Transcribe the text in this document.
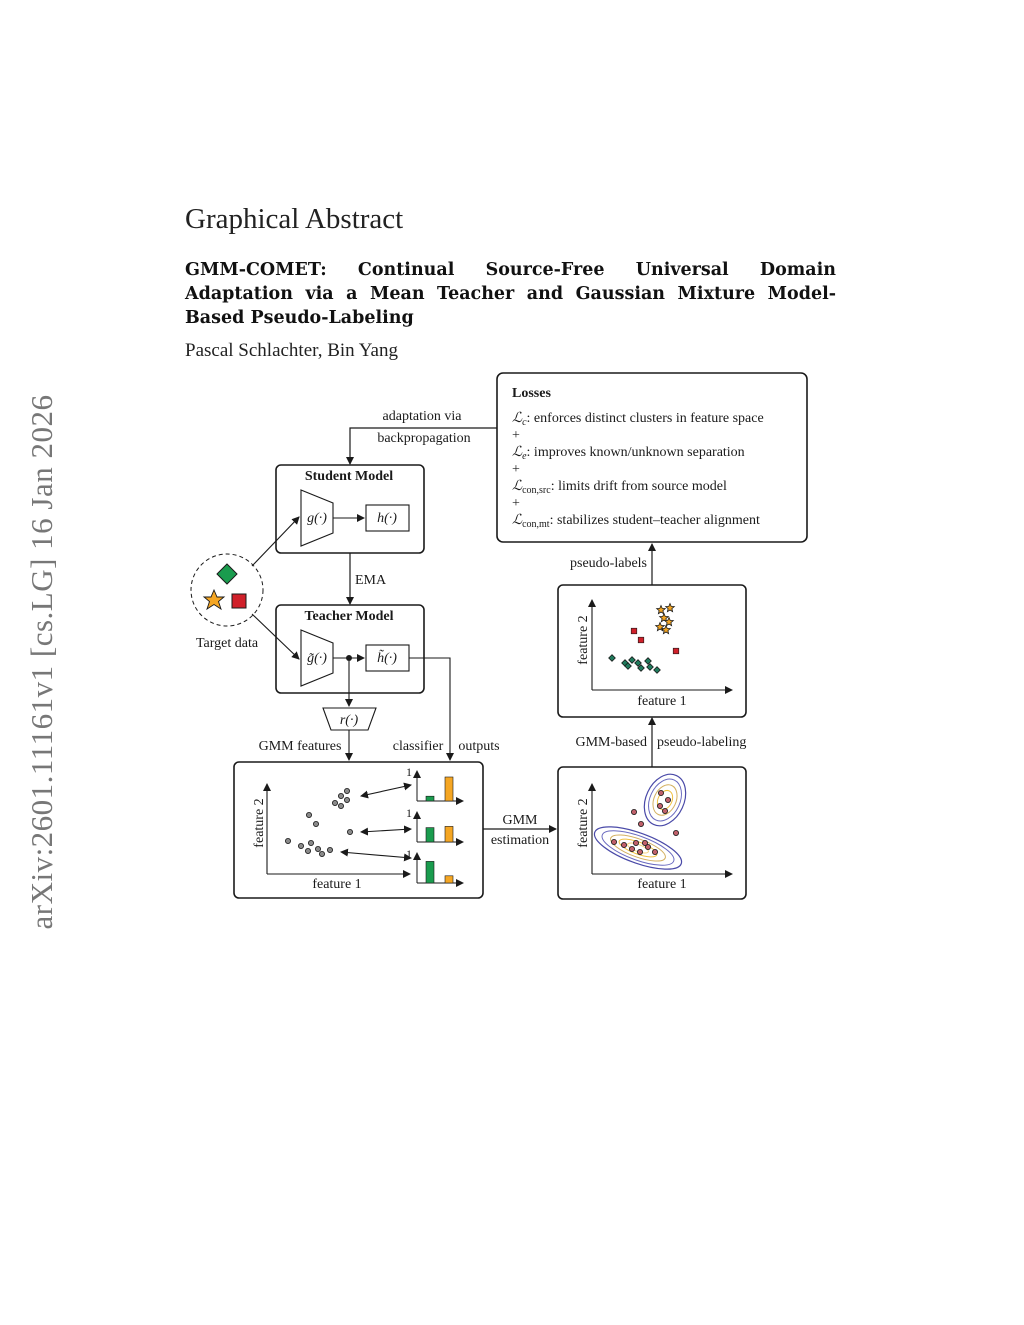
arXiv:2601.11161v1 [cs.LG] 16 Jan 2026
Graphical Abstract

GMM-COMET: Continual Source-Free Universal Domain Adaptation via a Mean Teacher and Gaussian Mixture Model-Based Pseudo-Labeling

Pascal Schlachter, Bin Yang
Losses
ℒ$_c$: enforces distinct clusters in feature space
+
ℒ$_e$: improves known/unknown separation
+
ℒ$_{con,src}$: limits drift from source model
+
ℒ$_{con,mt}$: stabilizes student–teacher alignment
adaptation via
backpropagation
Student Model
g(·)	h(·)
EMA
Teacher Model
g̃(·)	h̃(·)
Target data
r(·)
GMM features	classifier outputs
feature 1
feature 2
1
1
1
GMM
estimation
feature 1
feature 2
GMM-based pseudo-labeling
feature 1
feature 2
pseudo-labels
